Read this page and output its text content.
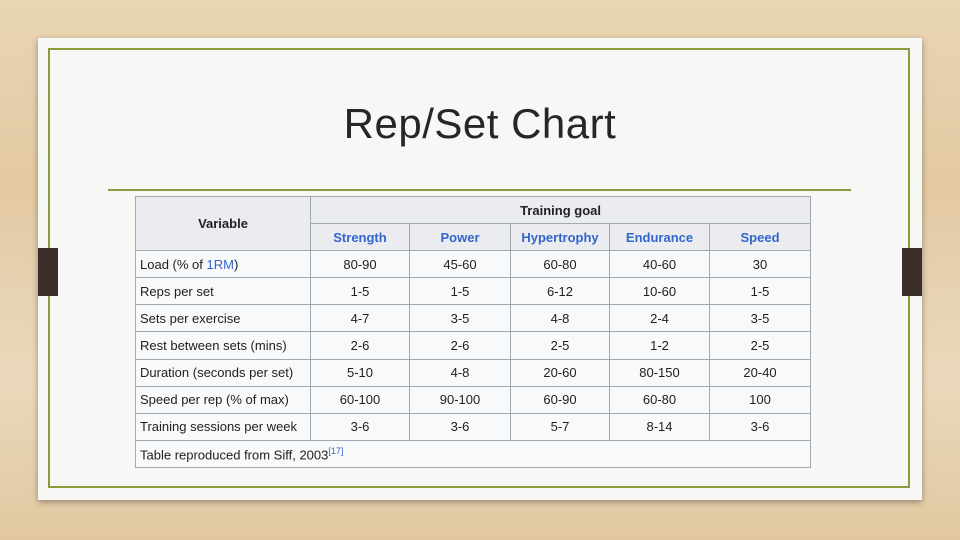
Rep/Set Chart
Variable	Training goal				
	Strength	Power	Hypertrophy	Endurance	Speed
Load (% of 1RM)	80-90	45-60	60-80	40-60	30
Reps per set	1-5	1-5	6-12	10-60	1-5
Sets per exercise	4-7	3-5	4-8	2-4	3-5
Rest between sets (mins)	2-6	2-6	2-5	1-2	2-5
Duration (seconds per set)	5-10	4-8	20-60	80-150	20-40
Speed per rep (% of max)	60-100	90-100	60-90	60-80	100
Training sessions per week	3-6	3-6	5-7	8-14	3-6
Table reproduced from Siff, 2003[17]
